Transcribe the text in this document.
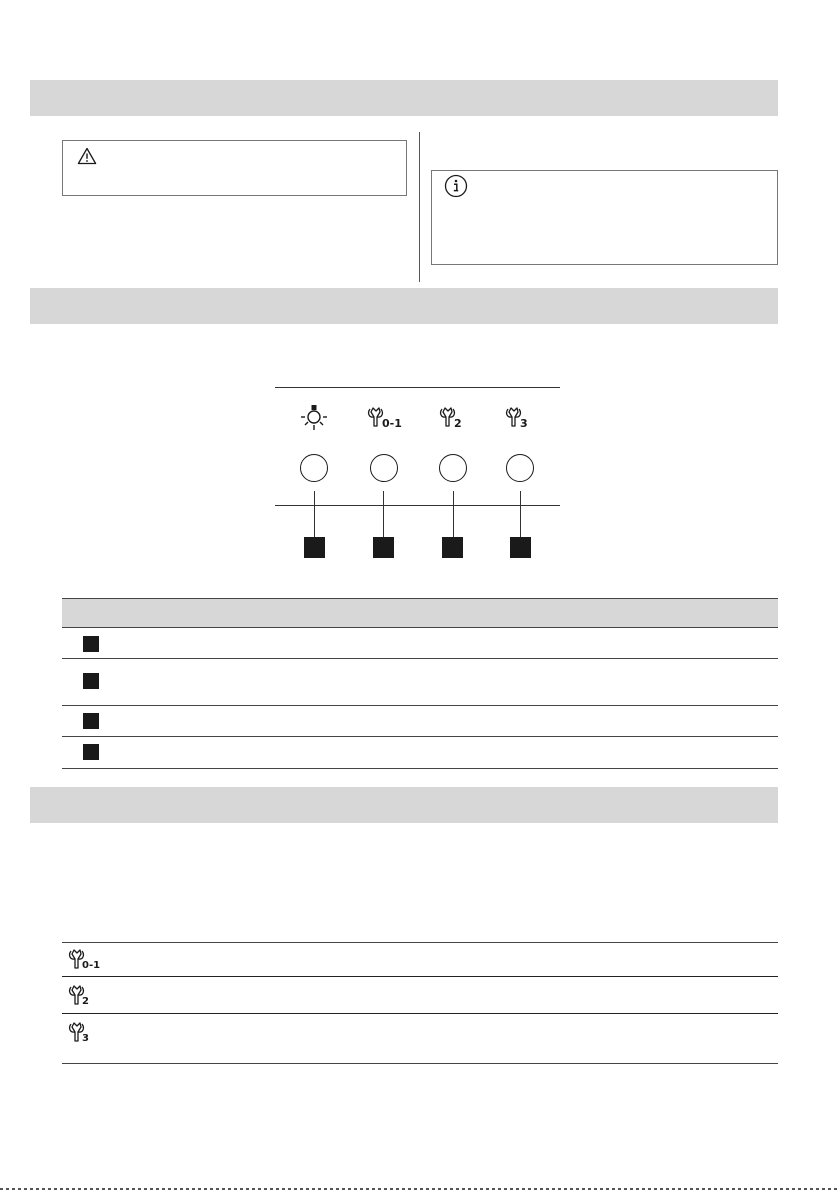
0-1	2	3
0-1
2
3
